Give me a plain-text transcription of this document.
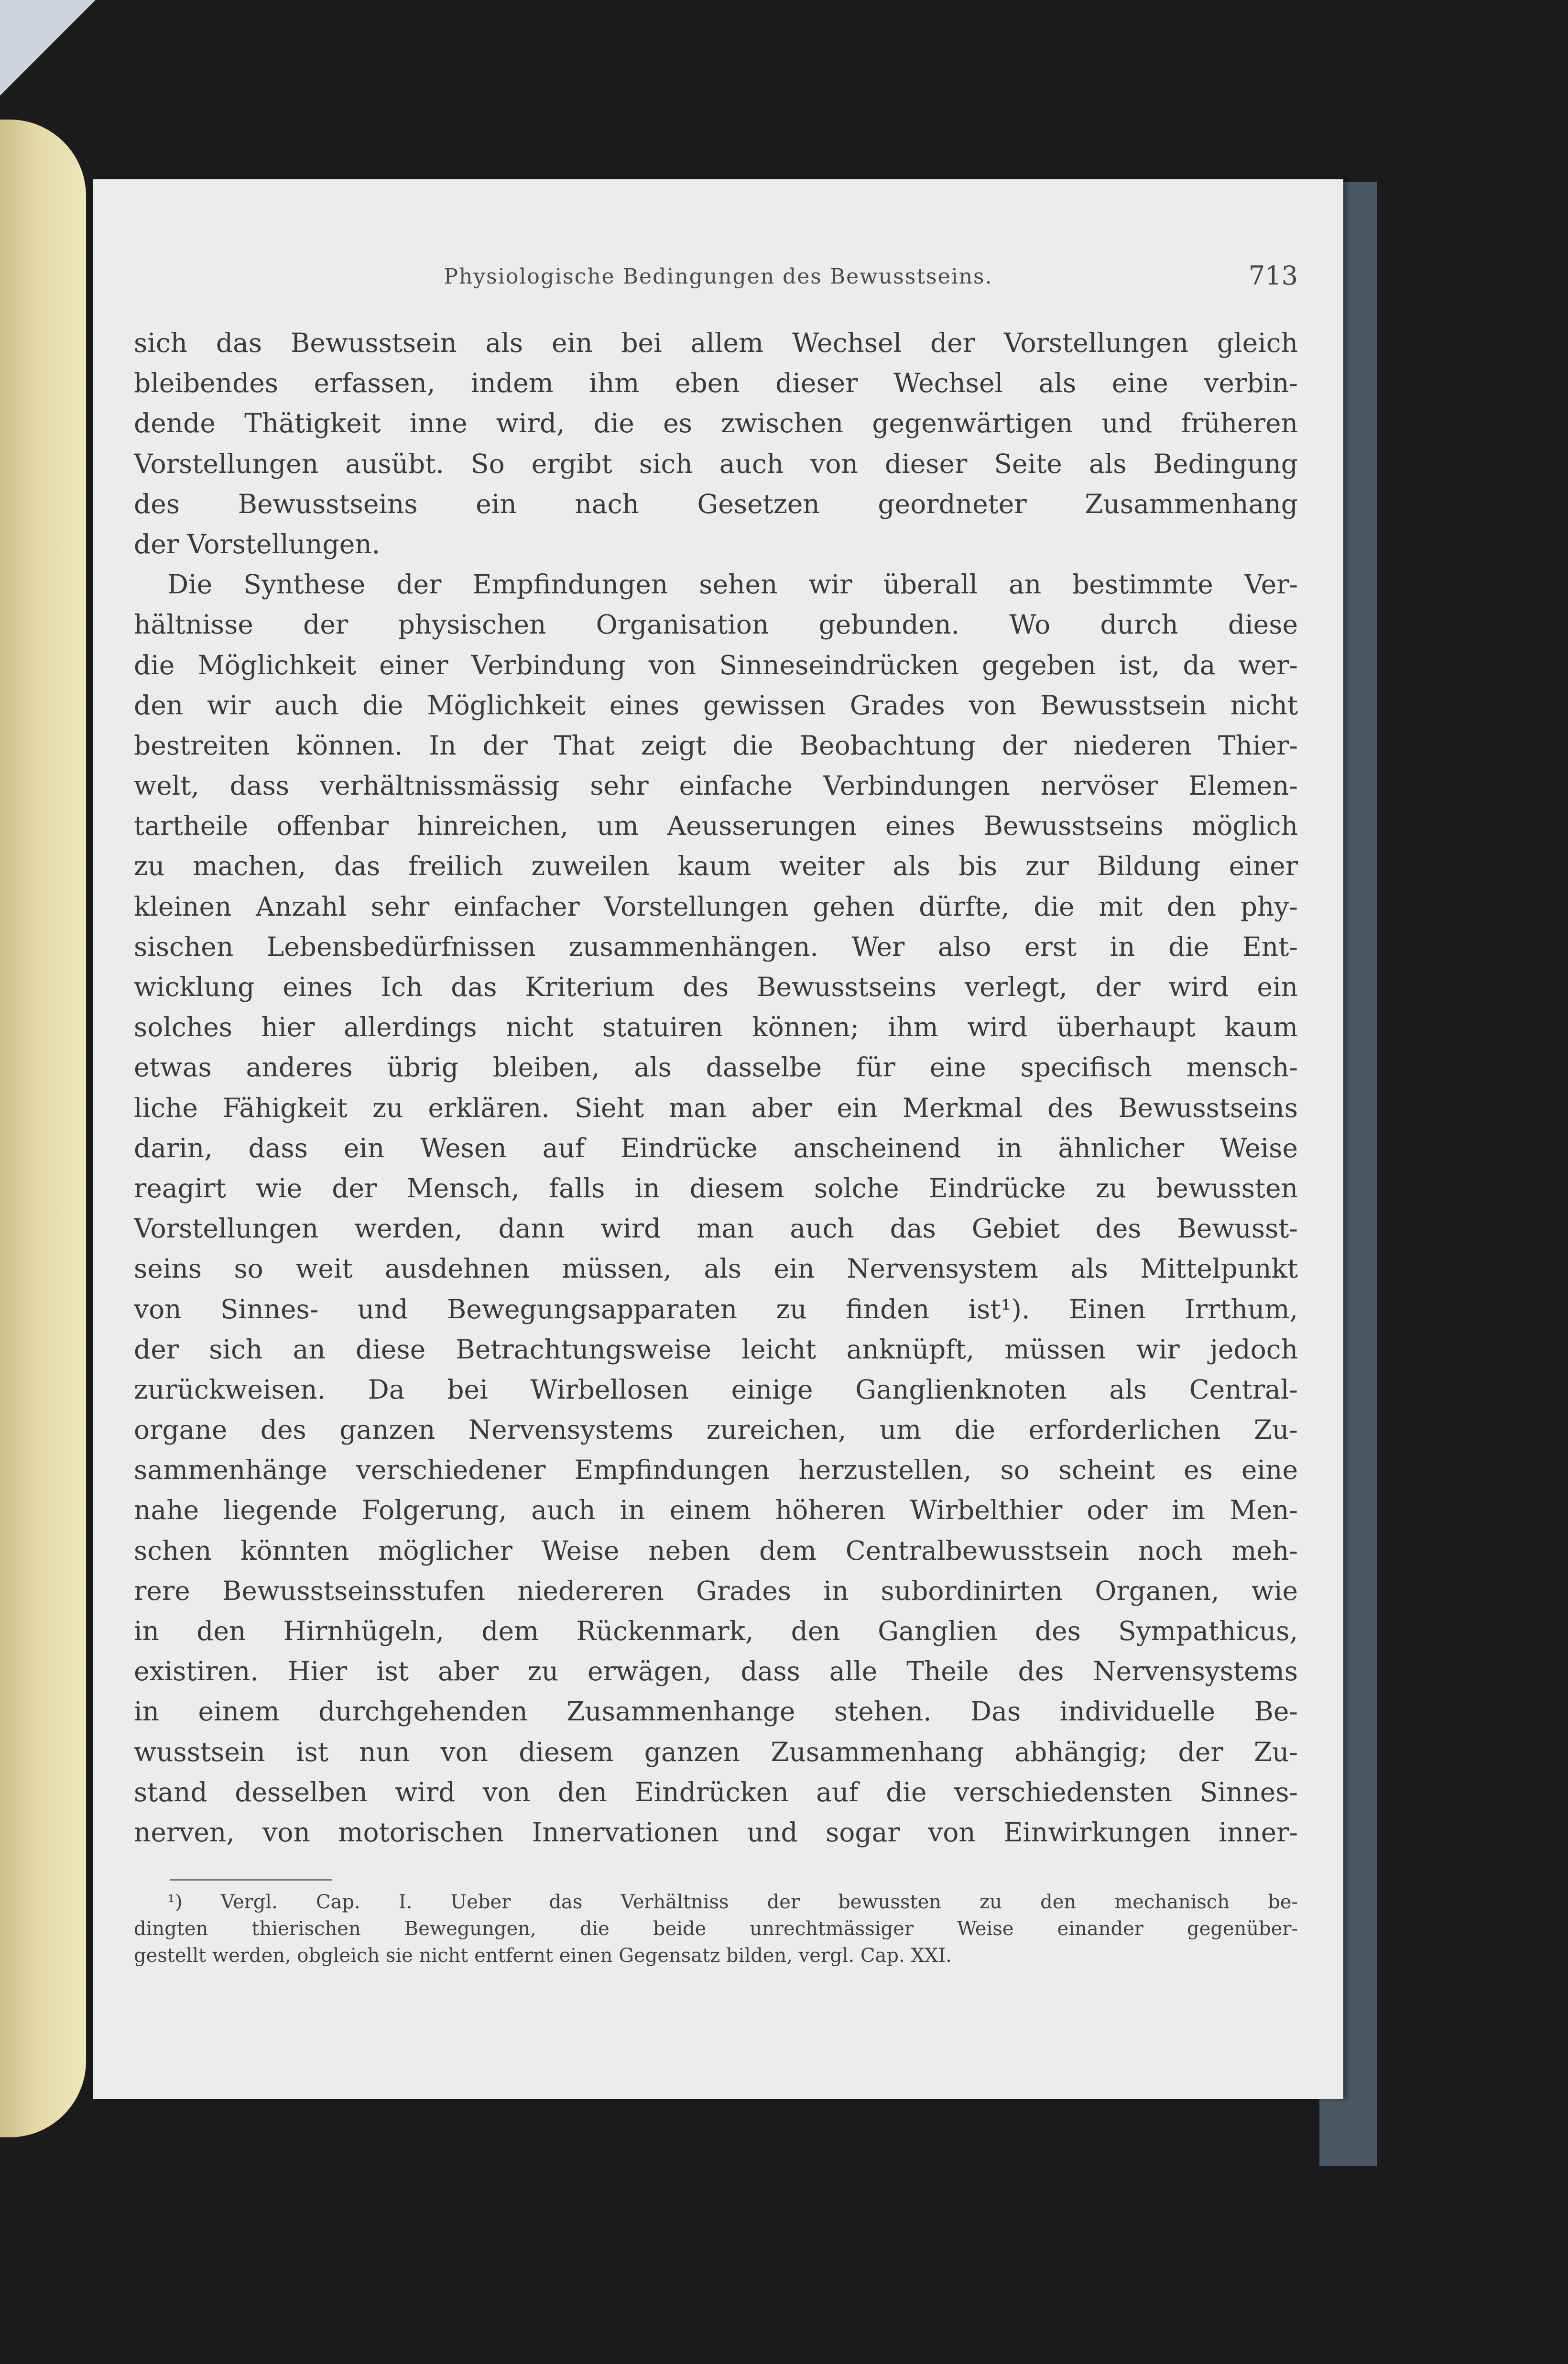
Physiologische Bedingungen des Bewusstseins.	713
sich das Bewusstsein als ein bei allem Wechsel der Vorstellungen gleich
bleibendes erfassen, indem ihm eben dieser Wechsel als eine verbin-
dende Thätigkeit inne wird, die es zwischen gegenwärtigen und früheren
Vorstellungen ausübt. So ergibt sich auch von dieser Seite als Bedingung
des Bewusstseins ein nach Gesetzen geordneter Zusammenhang
der Vorstellungen.
Die Synthese der Empfindungen sehen wir überall an bestimmte Ver-
hältnisse der physischen Organisation gebunden. Wo durch diese
die Möglichkeit einer Verbindung von Sinneseindrücken gegeben ist, da wer-
den wir auch die Möglichkeit eines gewissen Grades von Bewusstsein nicht
bestreiten können. In der That zeigt die Beobachtung der niederen Thier-
welt, dass verhältnissmässig sehr einfache Verbindungen nervöser Elemen-
tartheile offenbar hinreichen, um Aeusserungen eines Bewusstseins möglich
zu machen, das freilich zuweilen kaum weiter als bis zur Bildung einer
kleinen Anzahl sehr einfacher Vorstellungen gehen dürfte, die mit den phy-
sischen Lebensbedürfnissen zusammenhängen. Wer also erst in die Ent-
wicklung eines Ich das Kriterium des Bewusstseins verlegt, der wird ein
solches hier allerdings nicht statuiren können; ihm wird überhaupt kaum
etwas anderes übrig bleiben, als dasselbe für eine specifisch mensch-
liche Fähigkeit zu erklären. Sieht man aber ein Merkmal des Bewusstseins
darin, dass ein Wesen auf Eindrücke anscheinend in ähnlicher Weise
reagirt wie der Mensch, falls in diesem solche Eindrücke zu bewussten
Vorstellungen werden, dann wird man auch das Gebiet des Bewusst-
seins so weit ausdehnen müssen, als ein Nervensystem als Mittelpunkt
von Sinnes- und Bewegungsapparaten zu finden ist¹). Einen Irrthum,
der sich an diese Betrachtungsweise leicht anknüpft, müssen wir jedoch
zurückweisen. Da bei Wirbellosen einige Ganglienknoten als Central-
organe des ganzen Nervensystems zureichen, um die erforderlichen Zu-
sammenhänge verschiedener Empfindungen herzustellen, so scheint es eine
nahe liegende Folgerung, auch in einem höheren Wirbelthier oder im Men-
schen könnten möglicher Weise neben dem Centralbewusstsein noch meh-
rere Bewusstseinsstufen niedereren Grades in subordinirten Organen, wie
in den Hirnhügeln, dem Rückenmark, den Ganglien des Sympathicus,
existiren. Hier ist aber zu erwägen, dass alle Theile des Nervensystems
in einem durchgehenden Zusammenhange stehen. Das individuelle Be-
wusstsein ist nun von diesem ganzen Zusammenhang abhängig; der Zu-
stand desselben wird von den Eindrücken auf die verschiedensten Sinnes-
nerven, von motorischen Innervationen und sogar von Einwirkungen inner-
¹) Vergl. Cap. I. Ueber das Verhältniss der bewussten zu den mechanisch be-
dingten thierischen Bewegungen, die beide unrechtmässiger Weise einander gegenüber-
gestellt werden, obgleich sie nicht entfernt einen Gegensatz bilden, vergl. Cap. XXI.
